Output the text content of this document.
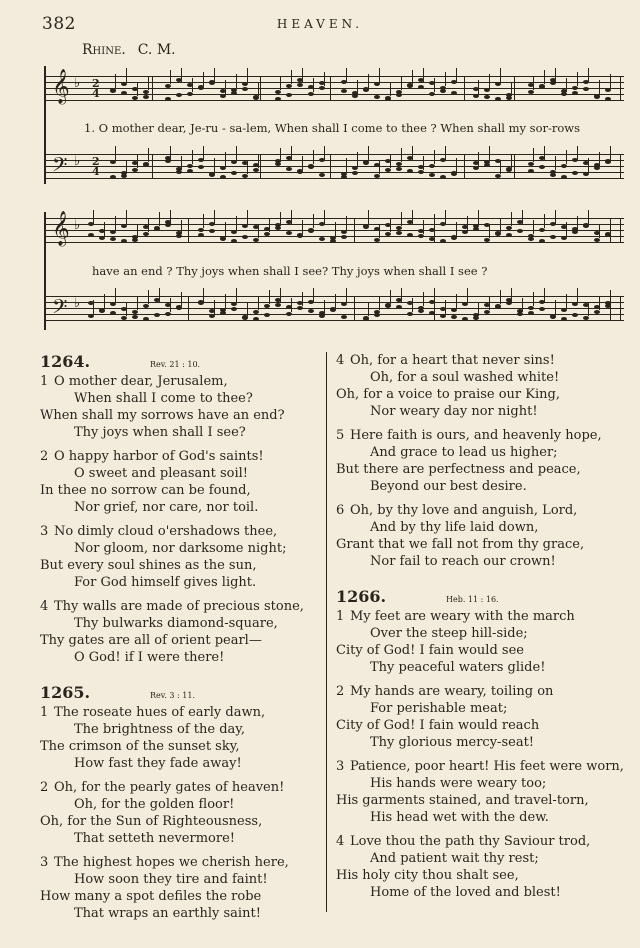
382	HEAVEN.
Rhine. C. M.
𝄞 ♭ 2
4
𝄢 ♭ 2
4
1. O mother dear, Je-ru - sa-lem, When shall I come to thee ? When shall my sor-rows
𝄞 ♭
𝄢 ♭
have an end ? Thy joys when shall I see? Thy joys when shall I see ?
1264.	Rev. 21 : 10.
1 O mother dear, Jerusalem,
When shall I come to thee?
When shall my sorrows have an end?
Thy joys when shall I see?
2 O happy harbor of God's saints!
O sweet and pleasant soil!
In thee no sorrow can be found,
Nor grief, nor care, nor toil.
3 No dimly cloud o'ershadows thee,
Nor gloom, nor darksome night;
But every soul shines as the sun,
For God himself gives light.
4 Thy walls are made of precious stone,
Thy bulwarks diamond-square,
Thy gates are all of orient pearl—
O God! if I were there!
1265.	Rev. 3 : 11.
1 The roseate hues of early dawn,
The brightness of the day,
The crimson of the sunset sky,
How fast they fade away!
2 Oh, for the pearly gates of heaven!
Oh, for the golden floor!
Oh, for the Sun of Righteousness,
That setteth nevermore!
3 The highest hopes we cherish here,
How soon they tire and faint!
How many a spot defiles the robe
That wraps an earthly saint!
4 Oh, for a heart that never sins!
Oh, for a soul washed white!
Oh, for a voice to praise our King,
Nor weary day nor night!
5 Here faith is ours, and heavenly hope,
And grace to lead us higher;
But there are perfectness and peace,
Beyond our best desire.
6 Oh, by thy love and anguish, Lord,
And by thy life laid down,
Grant that we fall not from thy grace,
Nor fail to reach our crown!
1266.	Heb. 11 : 16.
1 My feet are weary with the march
Over the steep hill-side;
City of God! I fain would see
Thy peaceful waters glide!
2 My hands are weary, toiling on
For perishable meat;
City of God! I fain would reach
Thy glorious mercy-seat!
3 Patience, poor heart! His feet were worn,
His hands were weary too;
His garments stained, and travel-torn,
His head wet with the dew.
4 Love thou the path thy Saviour trod,
And patient wait thy rest;
His holy city thou shalt see,
Home of the loved and blest!
